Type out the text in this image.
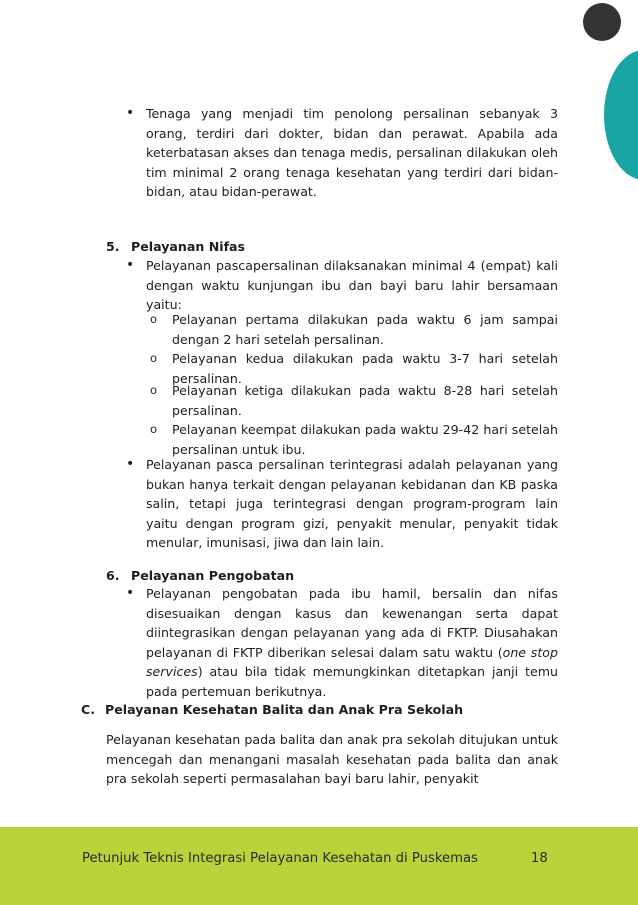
• Tenaga yang menjadi tim penolong persalinan sebanyak 3 orang, terdiri dari dokter, bidan dan perawat. Apabila ada keterbatasan akses dan tenaga medis, persalinan dilakukan oleh tim minimal 2 orang tenaga kesehatan yang terdiri dari bidan-bidan, atau bidan-perawat.
5. Pelayanan Nifas
• Pelayanan pascapersalinan dilaksanakan minimal 4 (empat) kali dengan waktu kunjungan ibu dan bayi baru lahir bersamaan yaitu:
o Pelayanan pertama dilakukan pada waktu 6 jam sampai dengan 2 hari setelah persalinan.
o Pelayanan kedua dilakukan pada waktu 3-7 hari setelah persalinan.
o Pelayanan ketiga dilakukan pada waktu 8-28 hari setelah persalinan.
o Pelayanan keempat dilakukan pada waktu 29-42 hari setelah persalinan untuk ibu.
• Pelayanan pasca persalinan terintegrasi adalah pelayanan yang bukan hanya terkait dengan pelayanan kebidanan dan KB paska salin, tetapi juga terintegrasi dengan program-program lain yaitu dengan program gizi, penyakit menular, penyakit tidak menular, imunisasi, jiwa dan lain lain.
6. Pelayanan Pengobatan
• Pelayanan pengobatan pada ibu hamil, bersalin dan nifas disesuaikan dengan kasus dan kewenangan serta dapat diintegrasikan dengan pelayanan yang ada di FKTP. Diusahakan pelayanan di FKTP diberikan selesai dalam satu waktu (one stop services) atau bila tidak memungkinkan ditetapkan janji temu pada pertemuan berikutnya.
C. Pelayanan Kesehatan Balita dan Anak Pra Sekolah
Pelayanan kesehatan pada balita dan anak pra sekolah ditujukan untuk mencegah dan menangani masalah kesehatan pada balita dan anak pra sekolah seperti permasalahan bayi baru lahir, penyakit
Petunjuk Teknis Integrasi Pelayanan Kesehatan di Puskemas	18
